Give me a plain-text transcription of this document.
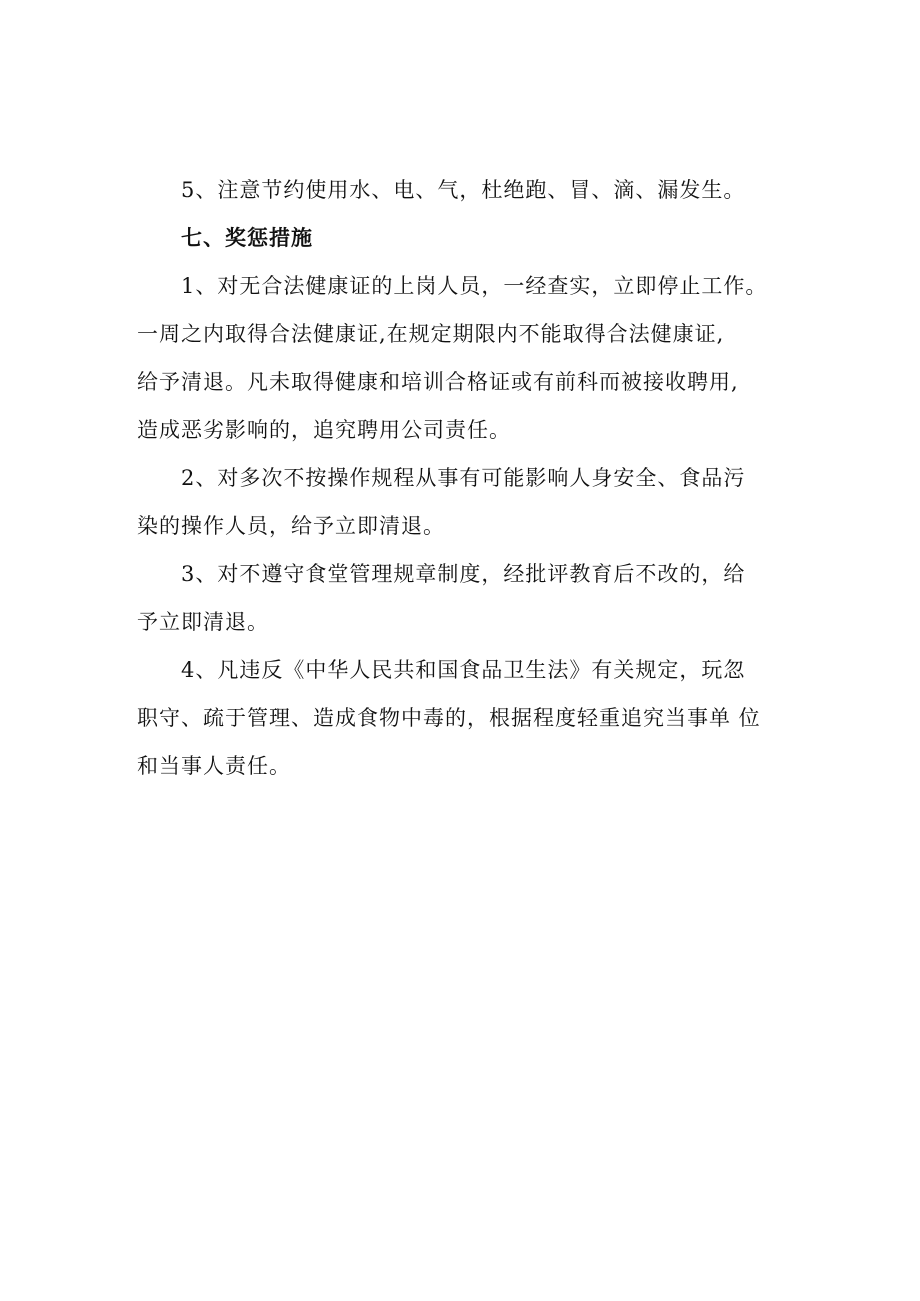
5、注意节约使用水、电、气，杜绝跑、冒、滴、漏发生。
七、奖惩措施
1、对无合法健康证的上岗人员，一经查实，立即停止工作。
一周之内取得合法健康证,在规定期限内不能取得合法健康证,
给予清退。凡未取得健康和培训合格证或有前科而被接收聘用,
造成恶劣影响的，追究聘用公司责任。
2、对多次不按操作规程从事有可能影响人身安全、食品污
染的操作人员，给予立即清退。
3、对不遵守食堂管理规章制度，经批评教育后不改的，给
予立即清退。
4、凡违反《中华人民共和国食品卫生法》有关规定，玩忽
职守、疏于管理、造成食物中毒的，根据程度轻重追究当事单 位
和当事人责任。
